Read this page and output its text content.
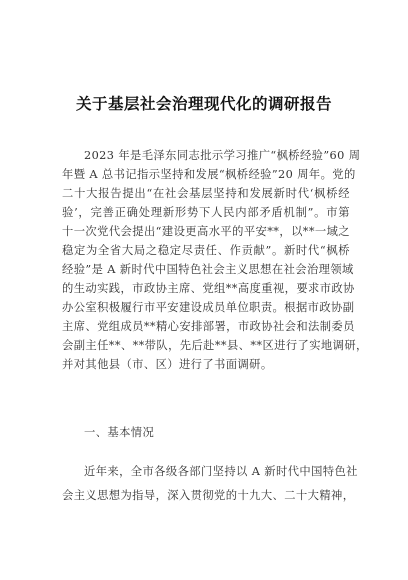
关于基层社会治理现代化的调研报告
2023 年是毛泽东同志批示学习推广“枫桥经验”60 周
年暨 A 总书记指示坚持和发展“枫桥经验”20 周年。党的
二十大报告提出“在社会基层坚持和发展新时代‘枫桥经
验’，完善正确处理新形势下人民内部矛盾机制”。市第
十一次党代会提出“建设更高水平的平安**，以**一域之
稳定为全省大局之稳定尽责任、作贡献”。新时代“枫桥
经验”是 A 新时代中国特色社会主义思想在社会治理领域
的生动实践，市政协主席、党组**高度重视，要求市政协
办公室积极履行市平安建设成员单位职责。根据市政协副
主席、党组成员**精心安排部署，市政协社会和法制委员
会副主任**、**带队，先后赴**县、**区进行了实地调研，
并对其他县（市、区）进行了书面调研。
一、基本情况
近年来，全市各级各部门坚持以 A 新时代中国特色社
会主义思想为指导，深入贯彻党的十九大、二十大精神，
